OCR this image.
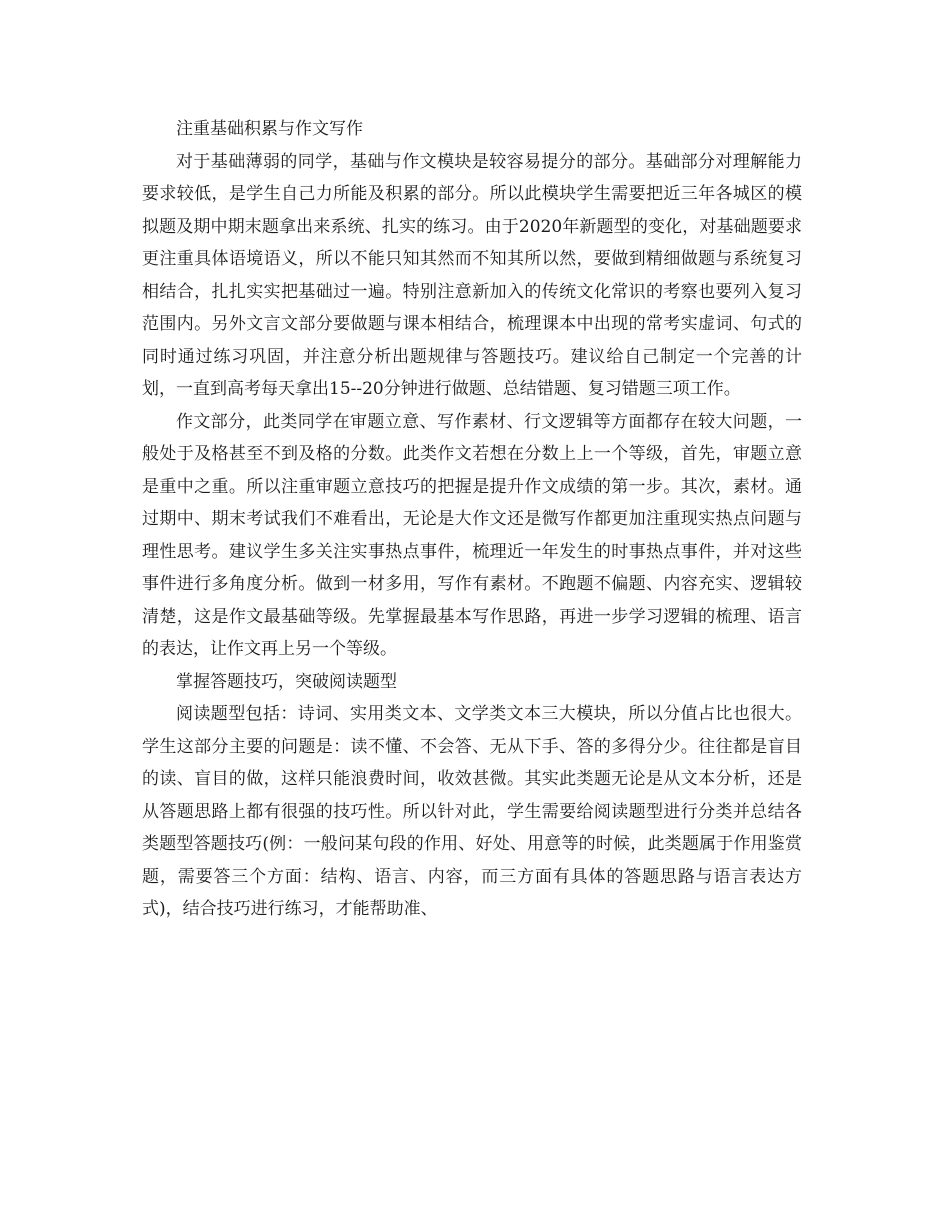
注重基础积累与作文写作

对于基础薄弱的同学，基础与作文模块是较容易提分的部分。基础部分对理解能力要求较低，是学生自己力所能及积累的部分。所以此模块学生需要把近三年各城区的模拟题及期中期末题拿出来系统、扎实的练习。由于2020年新题型的变化，对基础题要求更注重具体语境语义，所以不能只知其然而不知其所以然，要做到精细做题与系统复习相结合，扎扎实实把基础过一遍。特别注意新加入的传统文化常识的考察也要列入复习范围内。另外文言文部分要做题与课本相结合，梳理课本中出现的常考实虚词、句式的同时通过练习巩固，并注意分析出题规律与答题技巧。建议给自己制定一个完善的计划，一直到高考每天拿出15--20分钟进行做题、总结错题、复习错题三项工作。

作文部分，此类同学在审题立意、写作素材、行文逻辑等方面都存在较大问题，一般处于及格甚至不到及格的分数。此类作文若想在分数上上一个等级，首先，审题立意是重中之重。所以注重审题立意技巧的把握是提升作文成绩的第一步。其次，素材。通过期中、期末考试我们不难看出，无论是大作文还是微写作都更加注重现实热点问题与理性思考。建议学生多关注实事热点事件，梳理近一年发生的时事热点事件，并对这些事件进行多角度分析。做到一材多用，写作有素材。不跑题不偏题、内容充实、逻辑较清楚，这是作文最基础等级。先掌握最基本写作思路，再进一步学习逻辑的梳理、语言的表达，让作文再上另一个等级。

掌握答题技巧，突破阅读题型

阅读题型包括：诗词、实用类文本、文学类文本三大模块，所以分值占比也很大。学生这部分主要的问题是：读不懂、不会答、无从下手、答的多得分少。往往都是盲目的读、盲目的做，这样只能浪费时间，收效甚微。其实此类题无论是从文本分析，还是从答题思路上都有很强的技巧性。所以针对此，学生需要给阅读题型进行分类并总结各类题型答题技巧(例：一般问某句段的作用、好处、用意等的时候，此类题属于作用鉴赏题，需要答三个方面：结构、语言、内容，而三方面有具体的答题思路与语言表达方式)，结合技巧进行练习，才能帮助准、
